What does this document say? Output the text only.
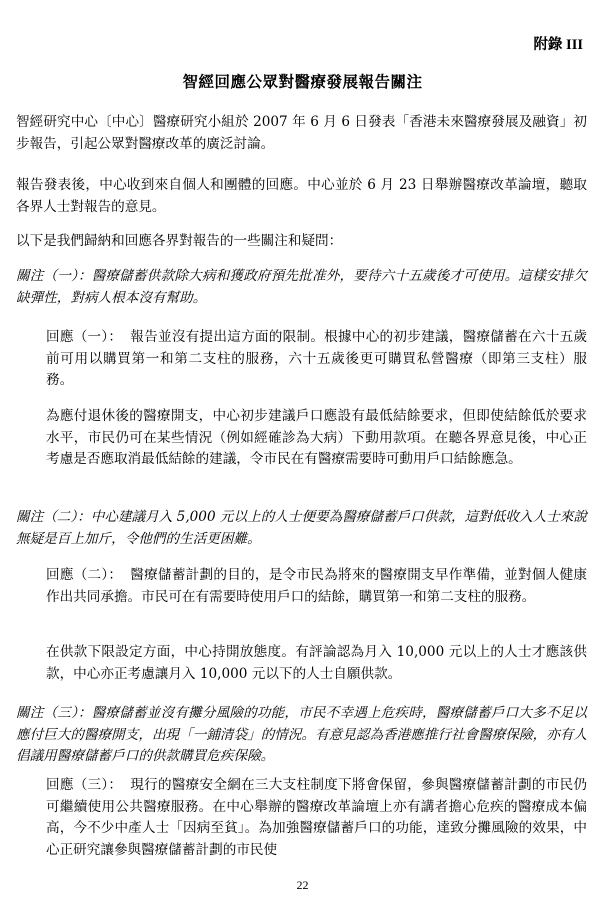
附錄 III
智經回應公眾對醫療發展報告關注

智經研究中心〔中心〕醫療研究小組於 2007 年 6 月 6 日發表「香港未來醫療發展及融資」初步報告，引起公眾對醫療改革的廣泛討論。

報告發表後，中心收到來自個人和團體的回應。中心並於 6 月 23 日舉辦醫療改革論壇，聽取各界人士對報告的意見。

以下是我們歸納和回應各界對報告的一些關注和疑問：

關注（一）：醫療儲蓄供款除大病和獲政府預先批准外，要待六十五歲後才可使用。這樣安排欠缺彈性，對病人根本沒有幫助。

回應（一）： 報告並沒有提出這方面的限制。根據中心的初步建議，醫療儲蓄在六十五歲前可用以購買第一和第二支柱的服務，六十五歲後更可購買私營醫療（即第三支柱）服務。

為應付退休後的醫療開支，中心初步建議戶口應設有最低結餘要求，但即使結餘低於要求水平，市民仍可在某些情況（例如經確診為大病）下動用款項。在聽各界意見後，中心正考慮是否應取消最低結餘的建議，令市民在有醫療需要時可動用戶口結餘應急。

關注（二）：中心建議月入 5,000 元以上的人士便要為醫療儲蓄戶口供款，這對低收入人士來說無疑是百上加斤，令他們的生活更困難。

回應（二）： 醫療儲蓄計劃的目的，是令市民為將來的醫療開支早作準備，並對個人健康作出共同承擔。市民可在有需要時使用戶口的結餘，購買第一和第二支柱的服務。

在供款下限設定方面，中心持開放態度。有評論認為月入 10,000 元以上的人士才應該供款，中心亦正考慮讓月入 10,000 元以下的人士自願供款。

關注（三）：醫療儲蓄並沒有攤分風險的功能，市民不幸遇上危疾時，醫療儲蓄戶口大多不足以應付巨大的醫療開支，出現「一鋪清袋」的情況。有意見認為香港應推行社會醫療保險，亦有人倡議用醫療儲蓄戶口的供款購買危疾保險。

回應（三）： 現行的醫療安全網在三大支柱制度下將會保留，參與醫療儲蓄計劃的市民仍可繼續使用公共醫療服務。在中心舉辦的醫療改革論壇上亦有講者擔心危疾的醫療成本偏高，今不少中產人士「因病至貧」。為加強醫療儲蓄戶口的功能，達致分攤風險的效果，中心正研究讓參與醫療儲蓄計劃的市民使

22
